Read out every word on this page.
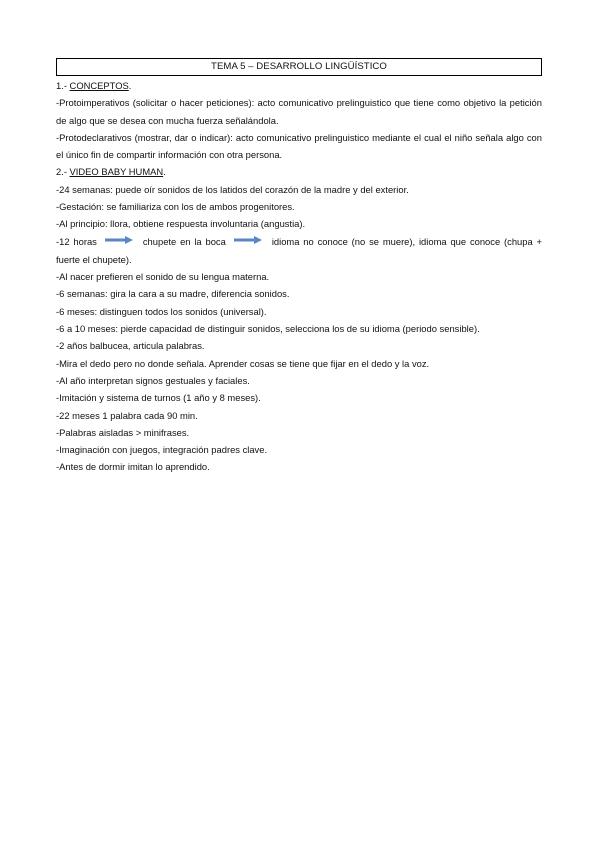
TEMA 5 – DESARROLLO LINGÜÍSTICO

1.- CONCEPTOS.

-Protoimperativos (solicitar o hacer peticiones): acto comunicativo prelinguistico que tiene como objetivo la petición de algo que se desea con mucha fuerza señalándola.

-Protodeclarativos (mostrar, dar o indicar): acto comunicativo prelinguistico mediante el cual el niño señala algo con el único fin de compartir información con otra persona.

2.- VIDEO BABY HUMAN.

-24 semanas: puede oír sonidos de los latidos del corazón de la madre y del exterior.

-Gestación: se familiariza con los de ambos progenitores.

-Al principio: llora, obtiene respuesta involuntaria (angustia).

-12 horas	chupete en la boca	idioma no conoce (no se muere), idioma que conoce (chupa + fuerte el chupete).

-Al nacer prefieren el sonido de su lengua materna.

-6 semanas: gira la cara a su madre, diferencia sonidos.

-6 meses: distinguen todos los sonidos (universal).

-6 a 10 meses: pierde capacidad de distinguir sonidos, selecciona los de su idioma (periodo sensible).

-2 años balbucea, articula palabras.

-Mira el dedo pero no donde señala. Aprender cosas se tiene que fijar en el dedo y la voz.

-Al año interpretan signos gestuales y faciales.

-Imitación y sistema de turnos (1 año y 8 meses).

-22 meses 1 palabra cada 90 min.

-Palabras aisladas > minifrases.

-Imaginación con juegos, integración padres clave.

-Antes de dormir imitan lo aprendido.
